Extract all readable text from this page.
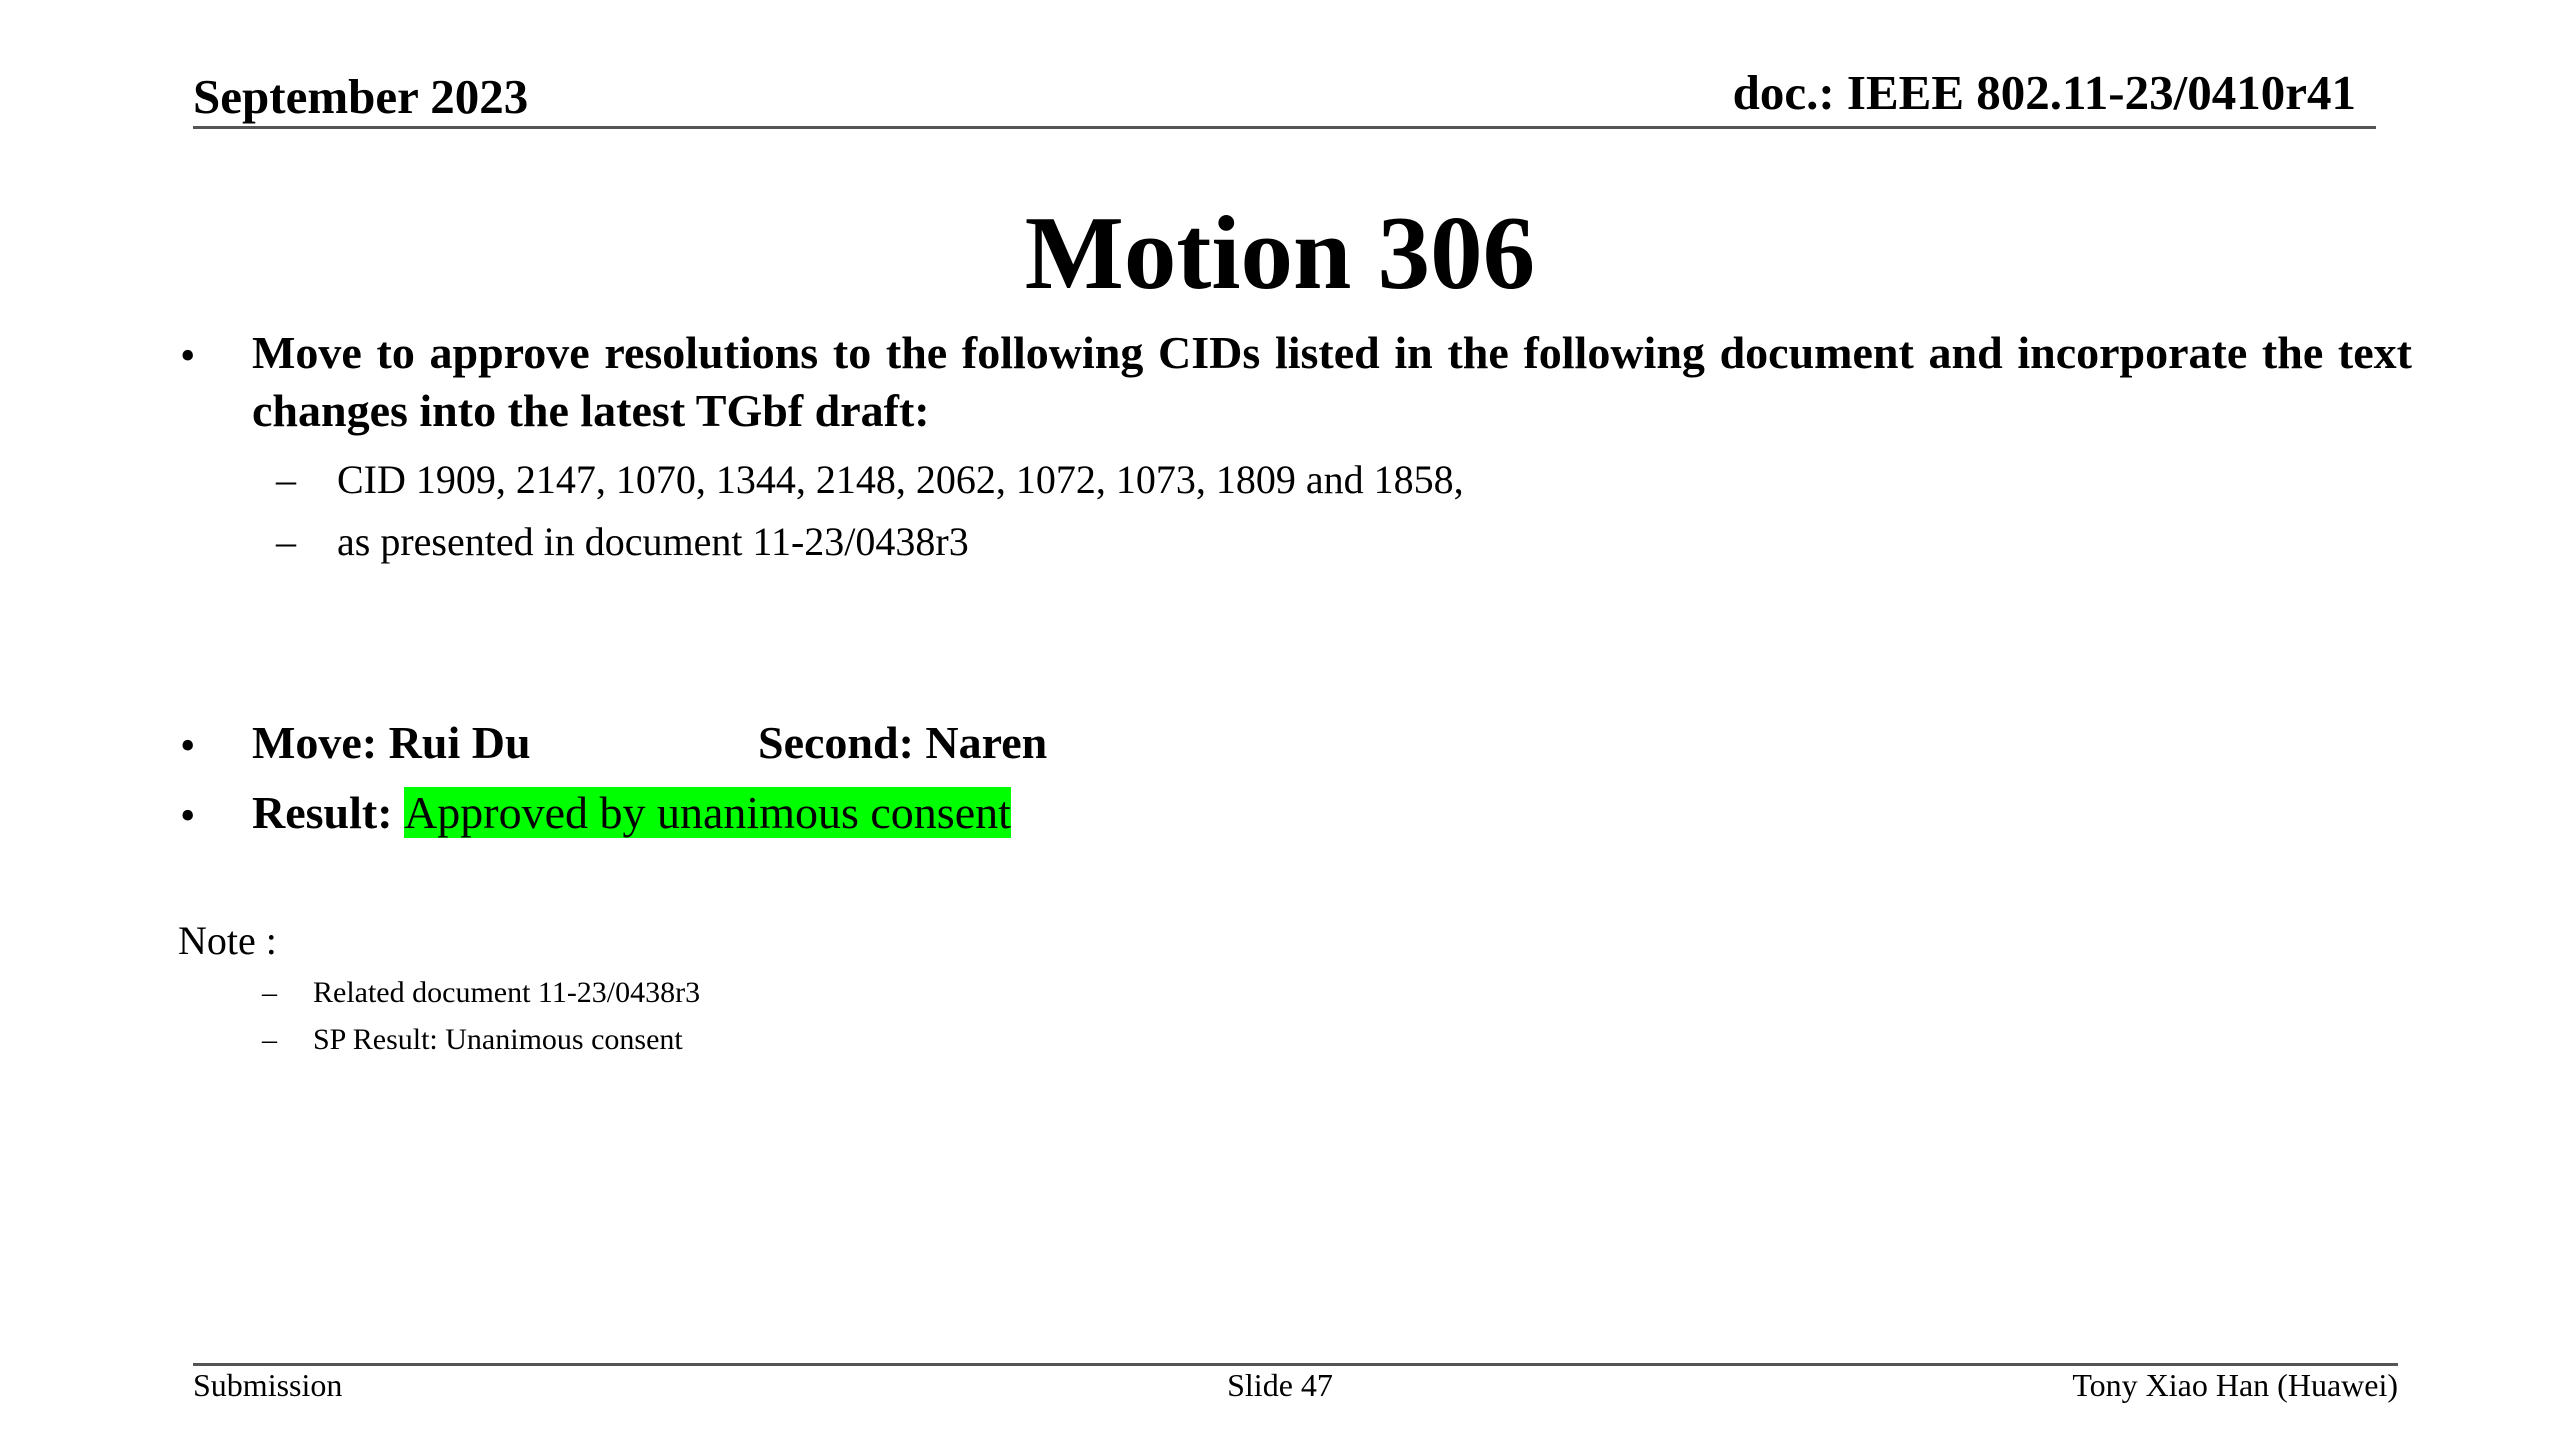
September 2023	doc.: IEEE 802.11-23/0410r41
Motion 306
• Move to approve resolutions to the following CIDs listed in the following document and incorporate the text changes into the latest TGbf draft:
– CID 1909, 2147, 1070, 1344, 2148, 2062, 1072, 1073, 1809 and 1858,
– as presented in document 11-23/0438r3
• Move: Rui Du	Second: Naren
• Result: Approved by unanimous consent
Note :
– Related document 11-23/0438r3
– SP Result: Unanimous consent
Submission	Slide 47	Tony Xiao Han (Huawei)
